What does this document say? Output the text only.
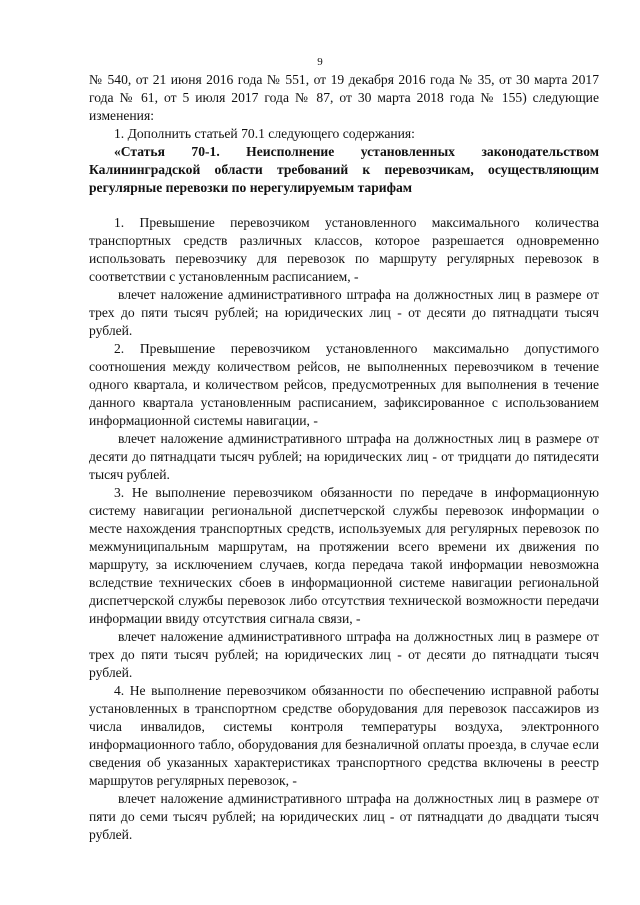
9

№ 540, от 21 июня 2016 года № 551, от 19 декабря 2016 года № 35, от 30 марта 2017 года № 61, от 5 июля 2017 года № 87, от 30 марта 2018 года № 155) следующие изменения:

1. Дополнить статьей 70.1 следующего содержания:

«Статья 70-1. Неисполнение установленных законодательством Калининградской области требований к перевозчикам, осуществляющим регулярные перевозки по нерегулируемым тарифам

1. Превышение перевозчиком установленного максимального количества транспортных средств различных классов, которое разрешается одновременно использовать перевозчику для перевозок по маршруту регулярных перевозок в соответствии с установленным расписанием, -

влечет наложение административного штрафа на должностных лиц в размере от трех до пяти тысяч рублей; на юридических лиц - от десяти до пятнадцати тысяч рублей.

2. Превышение перевозчиком установленного максимально допустимого соотношения между количеством рейсов, не выполненных перевозчиком в течение одного квартала, и количеством рейсов, предусмотренных для выполнения в течение данного квартала установленным расписанием, зафиксированное с использованием информационной системы навигации, -

влечет наложение административного штрафа на должностных лиц в размере от десяти до пятнадцати тысяч рублей; на юридических лиц - от тридцати до пятидесяти тысяч рублей.

3. Не выполнение перевозчиком обязанности по передаче в информационную систему навигации региональной диспетчерской службы перевозок информации о месте нахождения транспортных средств, используемых для регулярных перевозок по межмуниципальным маршрутам, на протяжении всего времени их движения по маршруту, за исключением случаев, когда передача такой информации невозможна вследствие технических сбоев в информационной системе навигации региональной диспетчерской службы перевозок либо отсутствия технической возможности передачи информации ввиду отсутствия сигнала связи, -

влечет наложение административного штрафа на должностных лиц в размере от трех до пяти тысяч рублей; на юридических лиц - от десяти до пятнадцати тысяч рублей.

4. Не выполнение перевозчиком обязанности по обеспечению исправной работы установленных в транспортном средстве оборудования для перевозок пассажиров из числа инвалидов, системы контроля температуры воздуха, электронного информационного табло, оборудования для безналичной оплаты проезда, в случае если сведения об указанных характеристиках транспортного средства включены в реестр маршрутов регулярных перевозок, -

влечет наложение административного штрафа на должностных лиц в размере от пяти до семи тысяч рублей; на юридических лиц - от пятнадцати до двадцати тысяч рублей.
